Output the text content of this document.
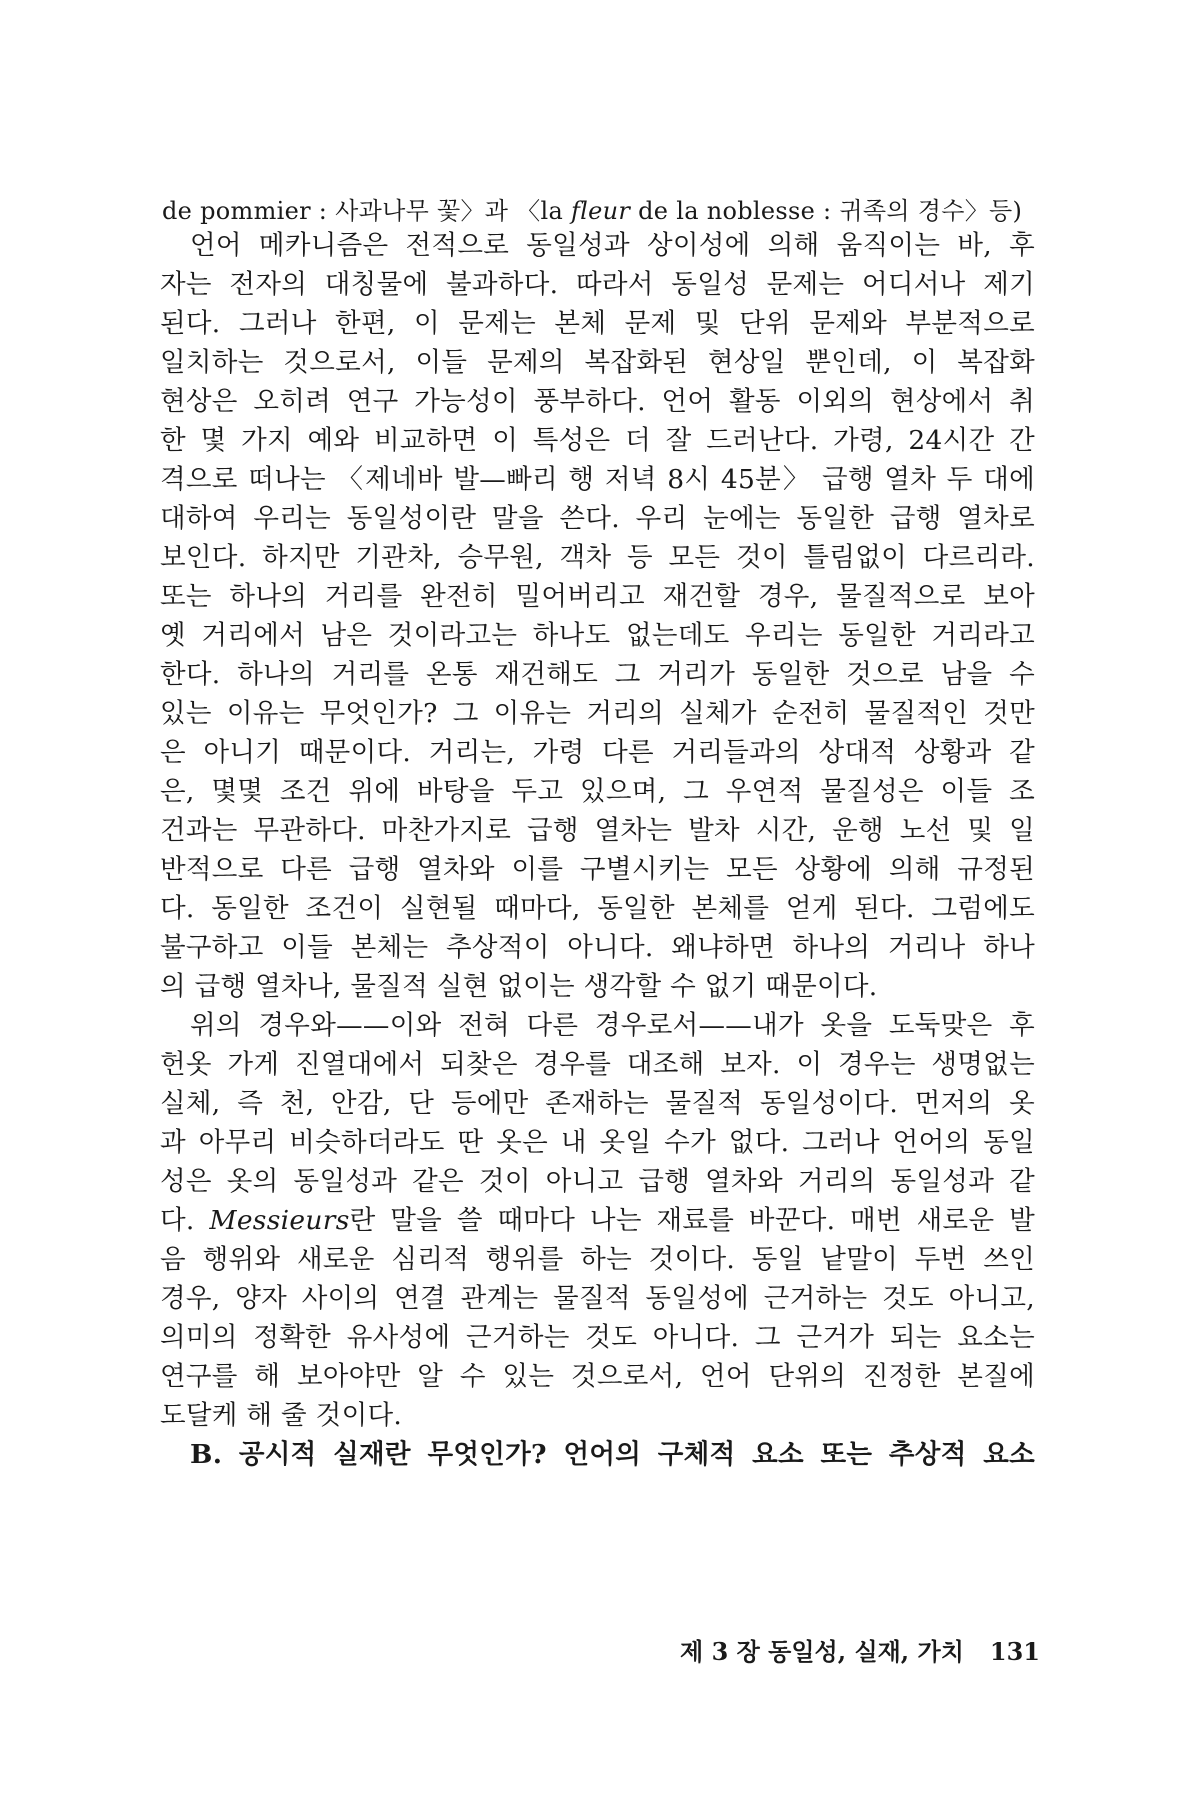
de pommier : 사과나무 꽃〉과 〈la fleur de la noblesse : 귀족의 경수〉등)
언어 메카니즘은 전적으로 동일성과 상이성에 의해 움직이는 바, 후
자는 전자의 대칭물에 불과하다. 따라서 동일성 문제는 어디서나 제기
된다. 그러나 한편, 이 문제는 본체 문제 및 단위 문제와 부분적으로
일치하는 것으로서, 이들 문제의 복잡화된 현상일 뿐인데, 이 복잡화
현상은 오히려 연구 가능성이 풍부하다. 언어 활동 이외의 현상에서 취
한 몇 가지 예와 비교하면 이 특성은 더 잘 드러난다. 가령, 24시간 간
격으로 떠나는 〈제네바 발—빠리 행 저녁 8시 45분〉 급행 열차 두 대에
대하여 우리는 동일성이란 말을 쓴다. 우리 눈에는 동일한 급행 열차로
보인다. 하지만 기관차, 승무원, 객차 등 모든 것이 틀림없이 다르리라.
또는 하나의 거리를 완전히 밀어버리고 재건할 경우, 물질적으로 보아
옛 거리에서 남은 것이라고는 하나도 없는데도 우리는 동일한 거리라고
한다. 하나의 거리를 온통 재건해도 그 거리가 동일한 것으로 남을 수
있는 이유는 무엇인가? 그 이유는 거리의 실체가 순전히 물질적인 것만
은 아니기 때문이다. 거리는, 가령 다른 거리들과의 상대적 상황과 같
은, 몇몇 조건 위에 바탕을 두고 있으며, 그 우연적 물질성은 이들 조
건과는 무관하다. 마찬가지로 급행 열차는 발차 시간, 운행 노선 및 일
반적으로 다른 급행 열차와 이를 구별시키는 모든 상황에 의해 규정된
다. 동일한 조건이 실현될 때마다, 동일한 본체를 얻게 된다. 그럼에도
불구하고 이들 본체는 추상적이 아니다. 왜냐하면 하나의 거리나 하나
의 급행 열차나, 물질적 실현 없이는 생각할 수 없기 때문이다.
위의 경우와——이와 전혀 다른 경우로서——내가 옷을 도둑맞은 후
헌옷 가게 진열대에서 되찾은 경우를 대조해 보자. 이 경우는 생명없는
실체, 즉 천, 안감, 단 등에만 존재하는 물질적 동일성이다. 먼저의 옷
과 아무리 비슷하더라도 딴 옷은 내 옷일 수가 없다. 그러나 언어의 동일
성은 옷의 동일성과 같은 것이 아니고 급행 열차와 거리의 동일성과 같
다. Messieurs란 말을 쓸 때마다 나는 재료를 바꾼다. 매번 새로운 발
음 행위와 새로운 심리적 행위를 하는 것이다. 동일 낱말이 두번 쓰인
경우, 양자 사이의 연결 관계는 물질적 동일성에 근거하는 것도 아니고,
의미의 정확한 유사성에 근거하는 것도 아니다. 그 근거가 되는 요소는
연구를 해 보아야만 알 수 있는 것으로서, 언어 단위의 진정한 본질에
도달케 해 줄 것이다.
B. 공시적 실재란 무엇인가? 언어의 구체적 요소 또는 추상적 요소
제 3 장 동일성, 실재, 가치 131
